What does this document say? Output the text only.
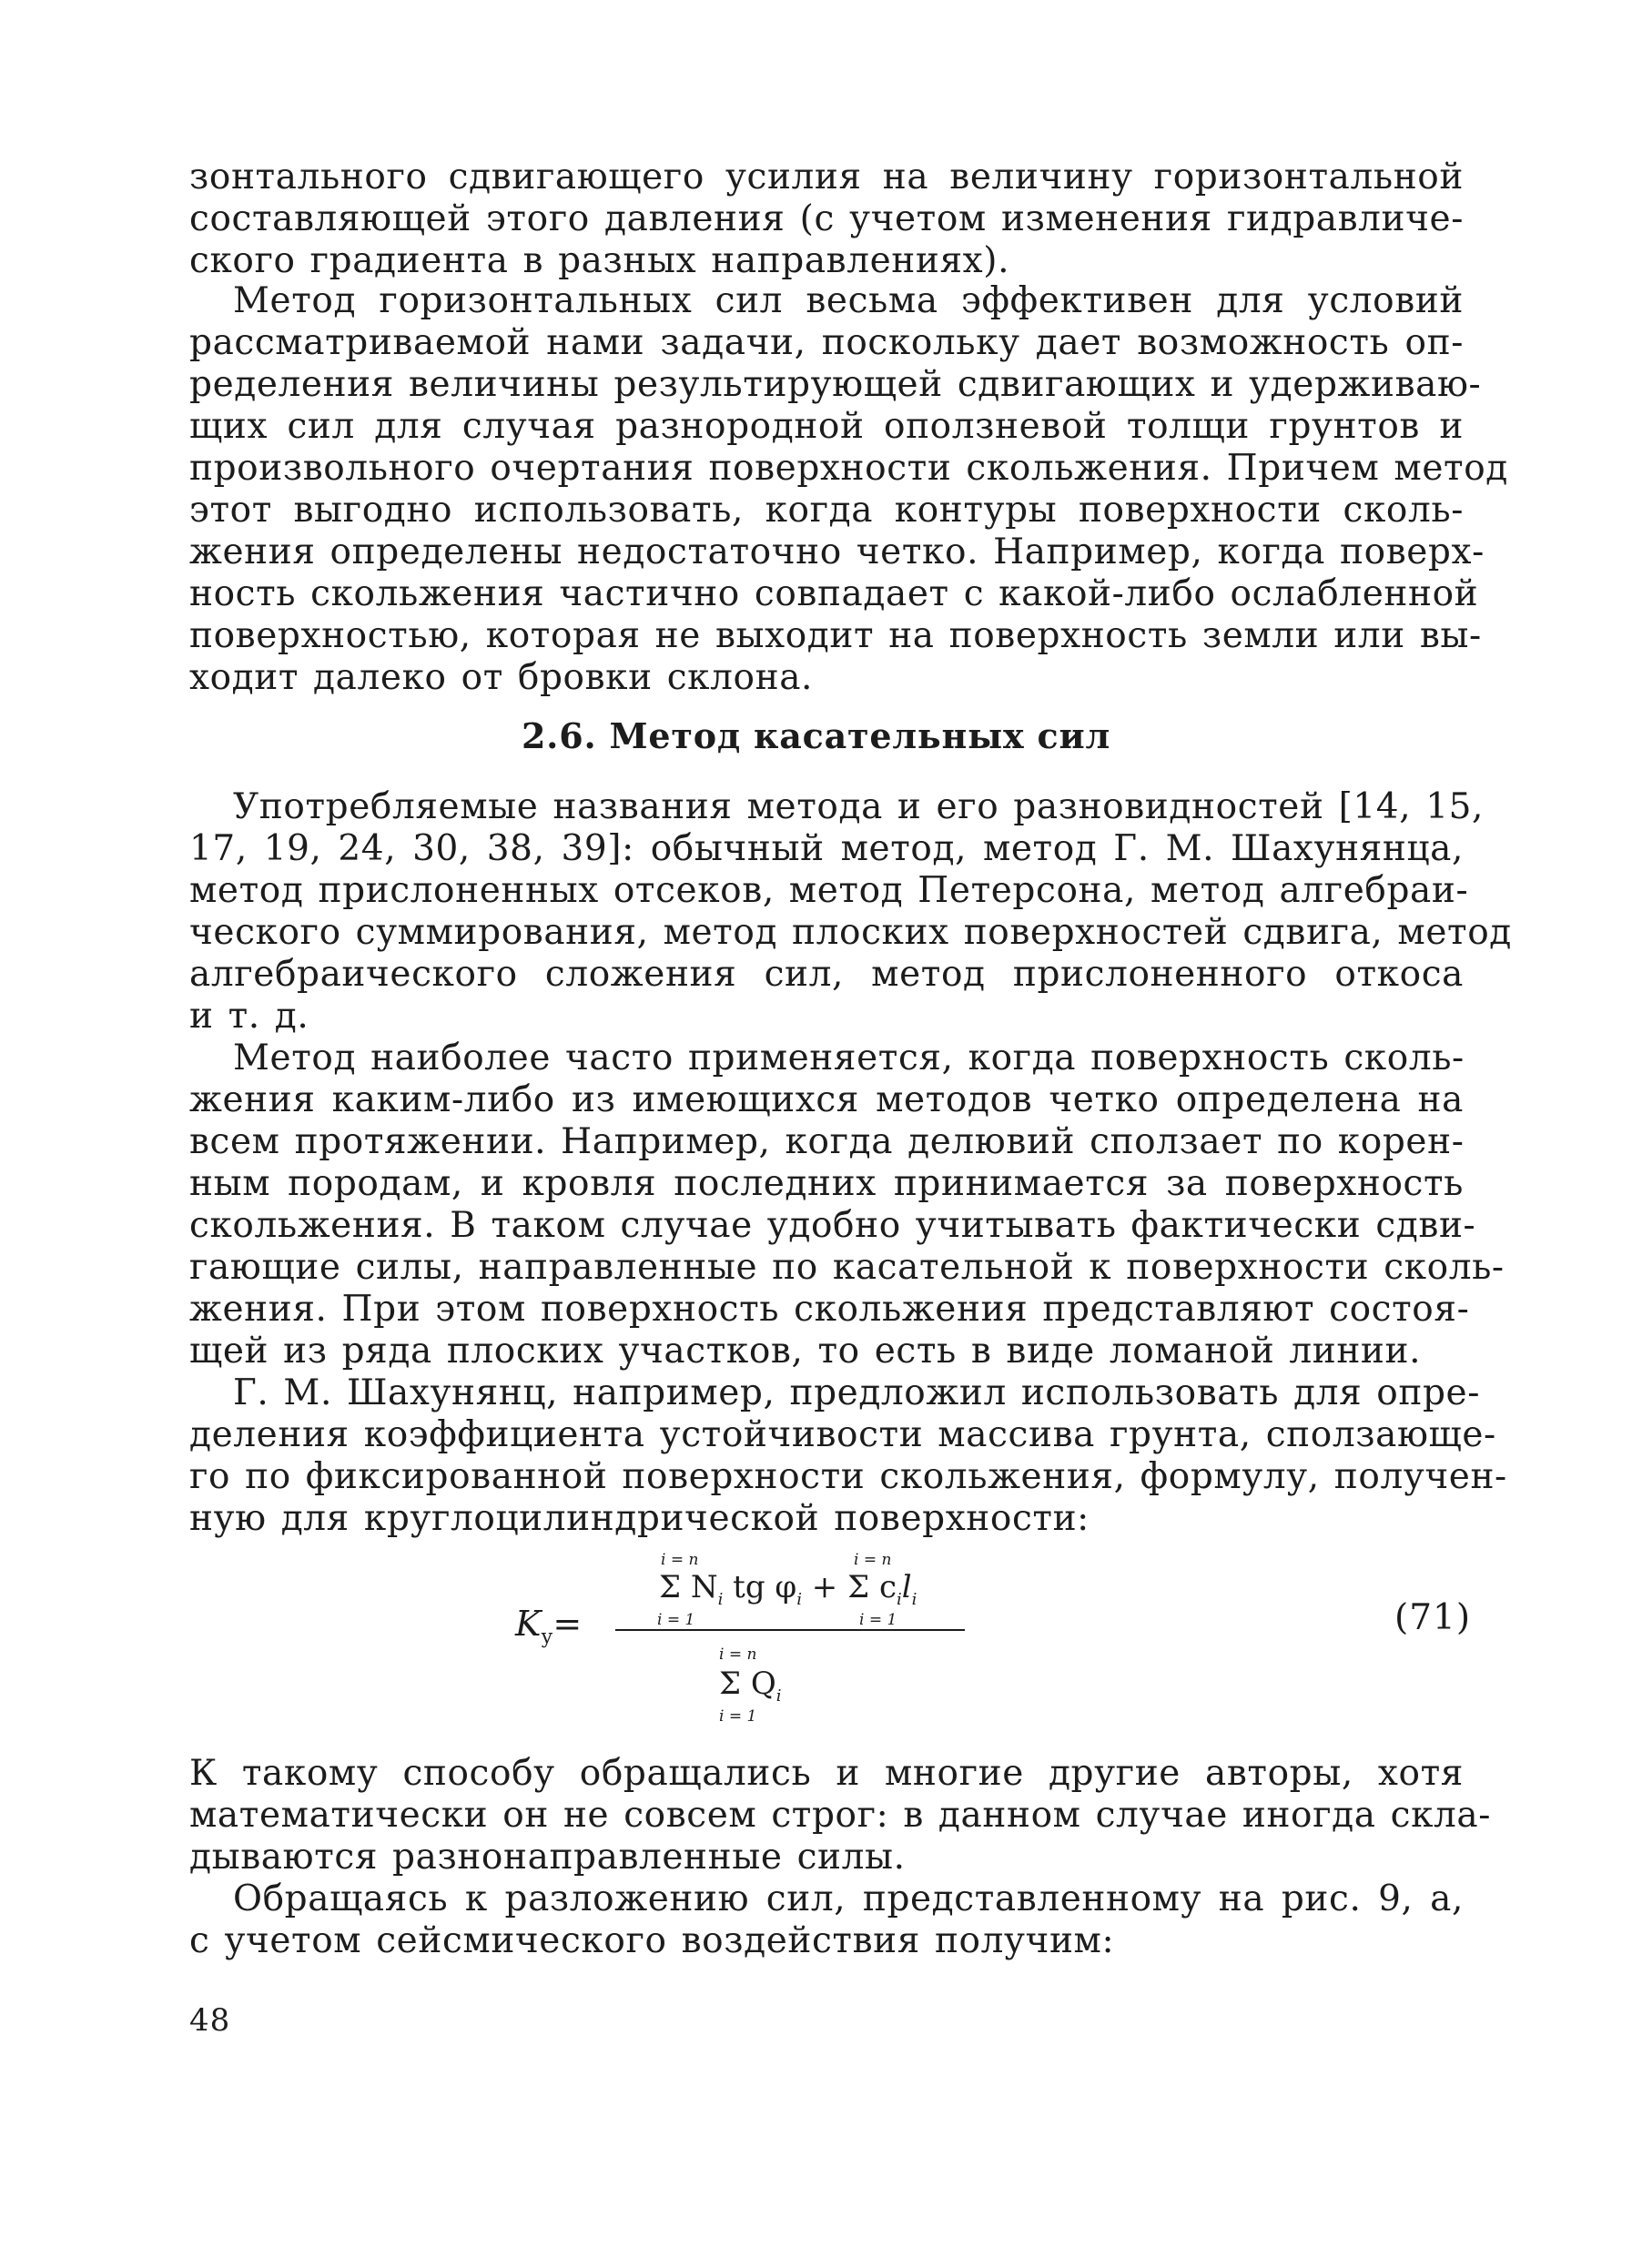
зонтального сдвигающего усилия на величину горизонтальной
составляющей этого давления (с учетом изменения гидравличе-
ского градиента в разных направлениях).
Метод горизонтальных сил весьма эффективен для условий
рассматриваемой нами задачи, поскольку дает возможность оп-
ределения величины результирующей сдвигающих и удерживаю-
щих сил для случая разнородной оползневой толщи грунтов и
произвольного очертания поверхности скольжения. Причем метод
этот выгодно использовать, когда контуры поверхности сколь-
жения определены недостаточно четко. Например, когда поверх-
ность скольжения частично совпадает с какой-либо ослабленной
поверхностью, которая не выходит на поверхность земли или вы-
ходит далеко от бровки склона.
2.6. Метод касательных сил
Употребляемые названия метода и его разновидностей [14, 15,
17, 19, 24, 30, 38, 39]: обычный метод, метод Г. М. Шахунянца,
метод прислоненных отсеков, метод Петерсона, метод алгебраи-
ческого суммирования, метод плоских поверхностей сдвига, метод
алгебраического сложения сил, метод прислоненного откоса
и т. д.
Метод наиболее часто применяется, когда поверхность сколь-
жения каким-либо из имеющихся методов четко определена на
всем протяжении. Например, когда делювий сползает по корен-
ным породам, и кровля последних принимается за поверхность
скольжения. В таком случае удобно учитывать фактически сдви-
гающие силы, направленные по касательной к поверхности сколь-
жения. При этом поверхность скольжения представляют состоя-
щей из ряда плоских участков, то есть в виде ломаной линии.
Г. М. Шахунянц, например, предложил использовать для опре-
деления коэффициента устойчивости массива грунта, сползающе-
го по фиксированной поверхности скольжения, формулу, получен-
ную для круглоцилиндрической поверхности:
i = n	i = n
Σ $N_i$ tg $\varphi_i + \Sigma$ $c_il_i$
i = 1	i = 1
$K_у=$
i = n
Σ $Q_i$
i = 1
(71)
К такому способу обращались и многие другие авторы, хотя
математически он не совсем строг: в данном случае иногда скла-
дываются разнонаправленные силы.
Обращаясь к разложению сил, представленному на рис. 9, а,
с учетом сейсмического воздействия получим:
48
